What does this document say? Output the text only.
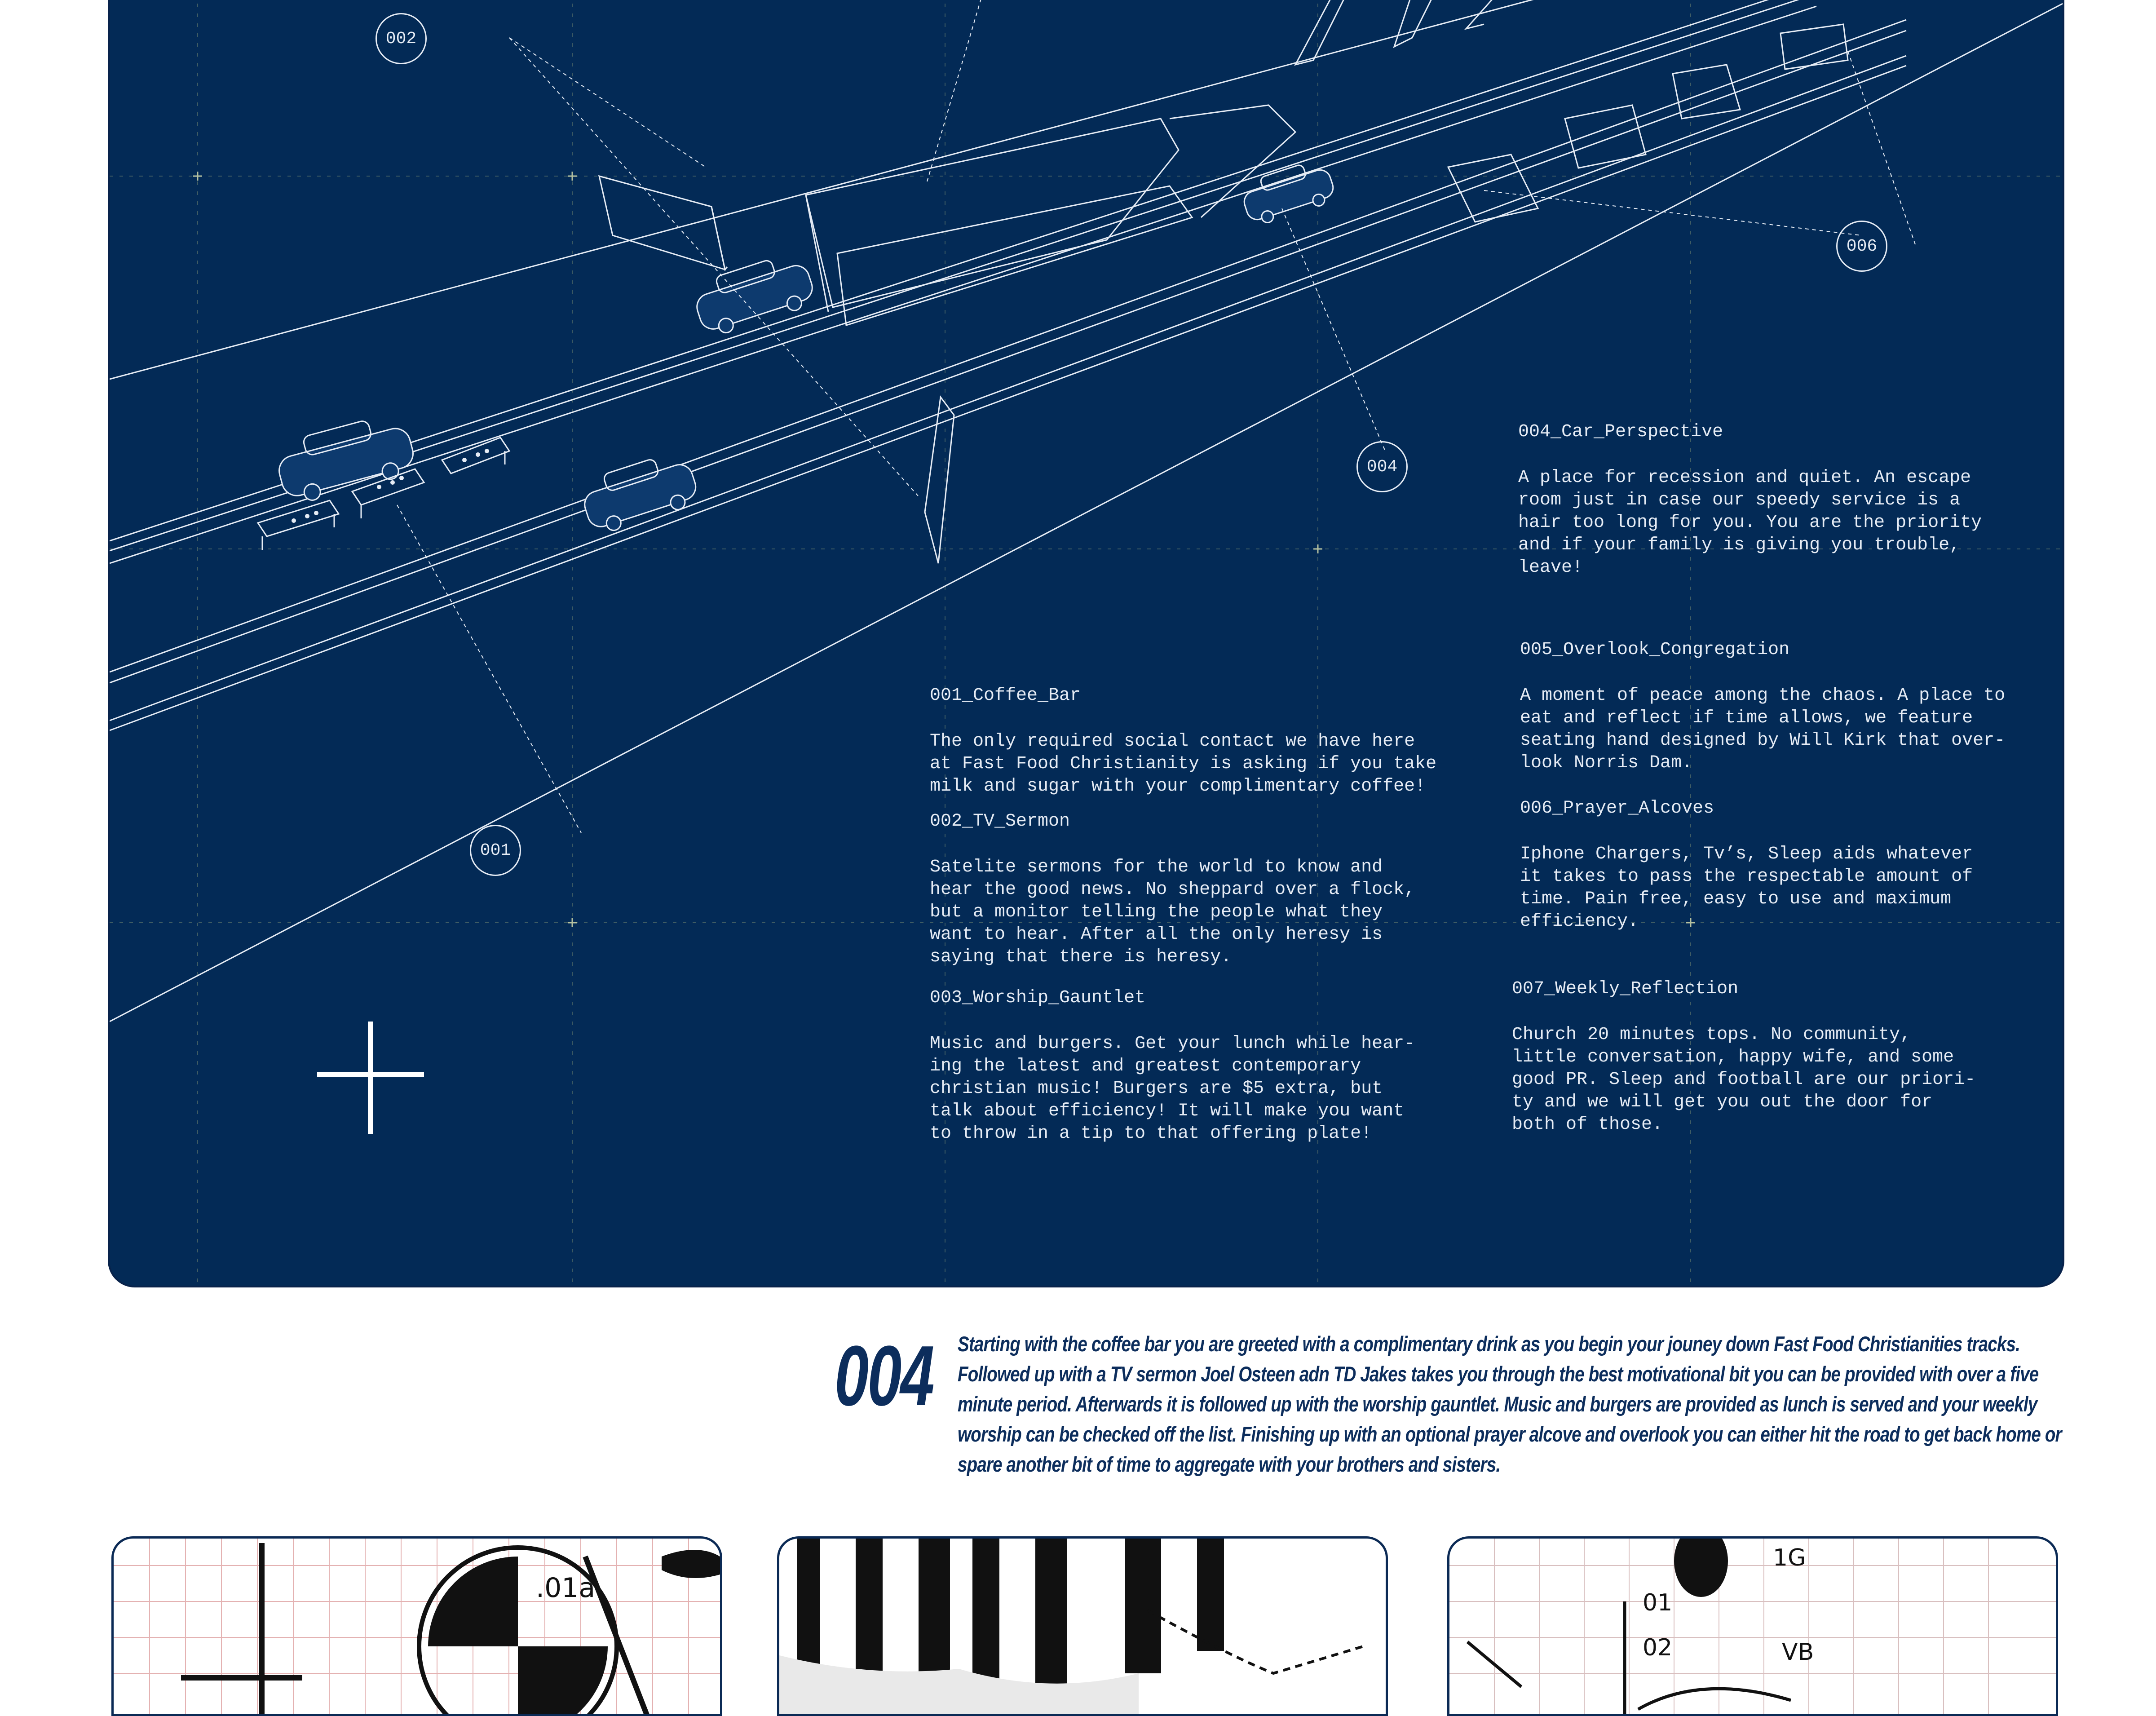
002
001
004
006
001_Coffee_Bar
The only required social contact we have here
at Fast Food Christianity is asking if you take
milk and sugar with your complimentary coffee!
002_TV_Sermon
Satelite sermons for the world to know and
hear the good news. No sheppard over a flock,
but a monitor telling the people what they
want to hear. After all the only heresy is
saying that there is heresy.
003_Worship_Gauntlet
Music and burgers. Get your lunch while hear-
ing the latest and greatest contemporary
christian music! Burgers are $5 extra, but
talk about efficiency! It will make you want
to throw in a tip to that offering plate!
004_Car_Perspective
A place for recession and quiet. An escape
room just in case our speedy service is a
hair too long for you. You are the priority
and if your family is giving you trouble,
leave!
005_Overlook_Congregation
A moment of peace among the chaos. A place to
eat and reflect if time allows, we feature
seating hand designed by Will Kirk that over-
look Norris Dam.
006_Prayer_Alcoves
Iphone Chargers, Tv’s, Sleep aids whatever
it takes to pass the respectable amount of
time. Pain free, easy to use and maximum
efficiency.
007_Weekly_Reflection
Church 20 minutes tops. No community,
little conversation, happy wife, and some
good PR. Sleep and football are our priori-
ty and we will get you out the door for
both of those.
004 Starting with the coffee bar you are greeted with a complimentary drink as you begin your jouney down Fast Food Christianities tracks. Followed up with a TV sermon Joel Osteen adn TD Jakes takes you through the best motivational bit you can be provided with over a five minute period. Afterwards it is followed up with the worship gauntlet. Music and burgers are provided as lunch is served and your weekly worship can be checked off the list. Finishing up with an optional prayer alcove and overlook you can either hit the road to get back home or spare another bit of time to aggregate with your brothers and sisters.
.01a.	01
02	VB
1G
